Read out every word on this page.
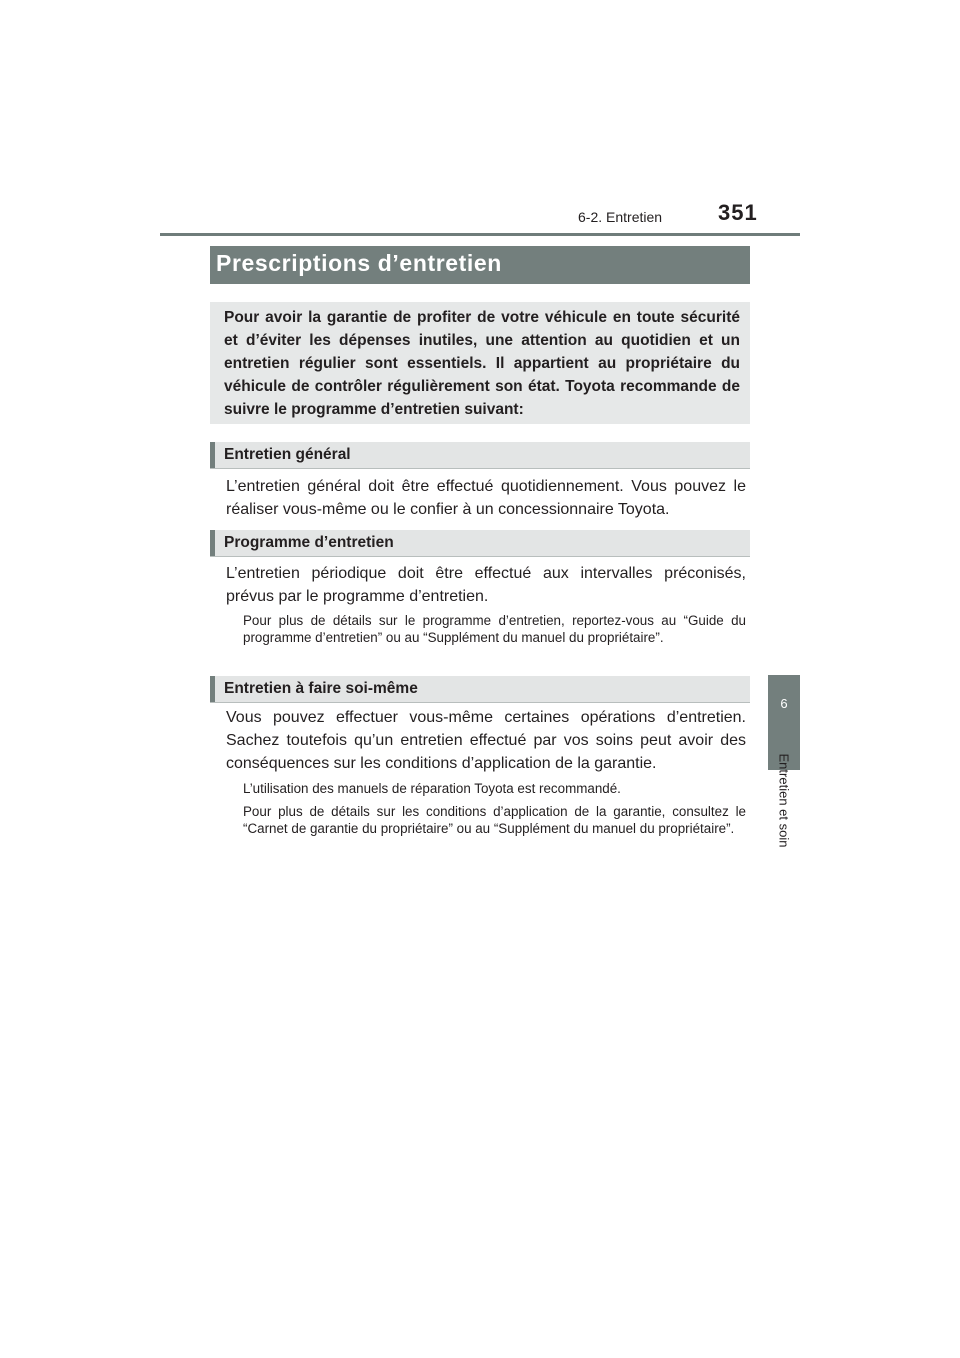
6-2. Entretien	351
6
Entretien et soin
Prescriptions d’entretien

Pour avoir la garantie de profiter de votre véhicule en toute sécurité et d’éviter les dépenses inutiles, une attention au quotidien et un entretien régulier sont essentiels. Il appartient au propriétaire du véhicule de contrôler régulièrement son état. Toyota recommande de suivre le programme d’entretien suivant:

Entretien général

L’entretien général doit être effectué quotidiennement. Vous pouvez le réaliser vous-même ou le confier à un concessionnaire Toyota.

Programme d’entretien

L’entretien périodique doit être effectué aux intervalles préconisés, prévus par le programme d’entretien.

Pour plus de détails sur le programme d’entretien, reportez-vous au “Guide du programme d’entretien” ou au “Supplément du manuel du propriétaire”.

Entretien à faire soi-même

Vous pouvez effectuer vous-même certaines opérations d’entretien. Sachez toutefois qu’un entretien effectué par vos soins peut avoir des conséquences sur les conditions d’application de la garantie.

L’utilisation des manuels de réparation Toyota est recommandé.

Pour plus de détails sur les conditions d’application de la garantie, consultez le “Carnet de garantie du propriétaire” ou au “Supplément du manuel du propriétaire”.
